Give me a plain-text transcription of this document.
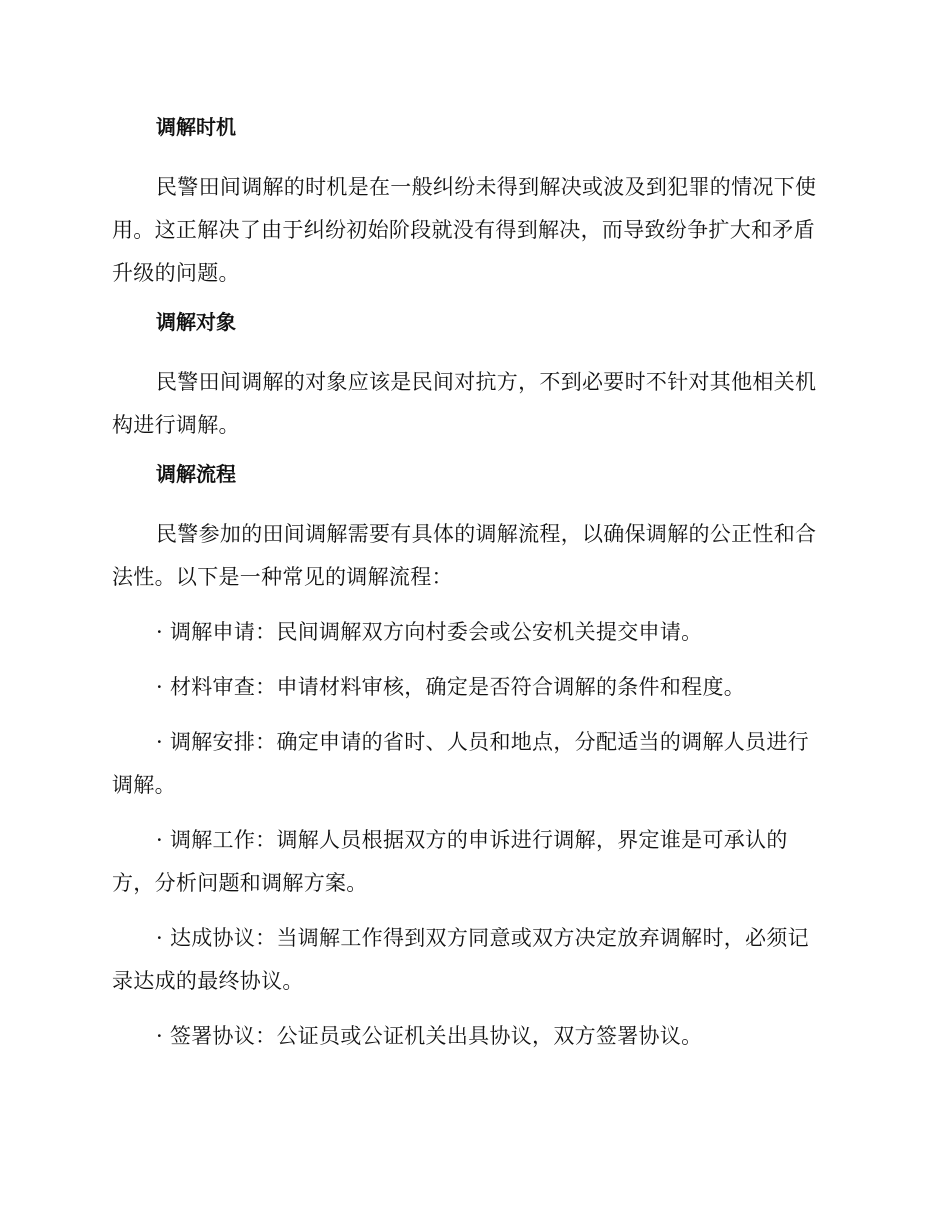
调解时机

民警田间调解的时机是在一般纠纷未得到解决或波及到犯罪的情况下使用。这正解决了由于纠纷初始阶段就没有得到解决，而导致纷争扩大和矛盾升级的问题。

调解对象

民警田间调解的对象应该是民间对抗方，不到必要时不针对其他相关机构进行调解。

调解流程

民警参加的田间调解需要有具体的调解流程，以确保调解的公正性和合法性。以下是一种常见的调解流程：

· 调解申请：民间调解双方向村委会或公安机关提交申请。

· 材料审查：申请材料审核，确定是否符合调解的条件和程度。

· 调解安排：确定申请的省时、人员和地点，分配适当的调解人员进行调解。

· 调解工作：调解人员根据双方的申诉进行调解，界定谁是可承认的方，分析问题和调解方案。

· 达成协议：当调解工作得到双方同意或双方决定放弃调解时，必须记录达成的最终协议。

· 签署协议：公证员或公证机关出具协议，双方签署协议。
